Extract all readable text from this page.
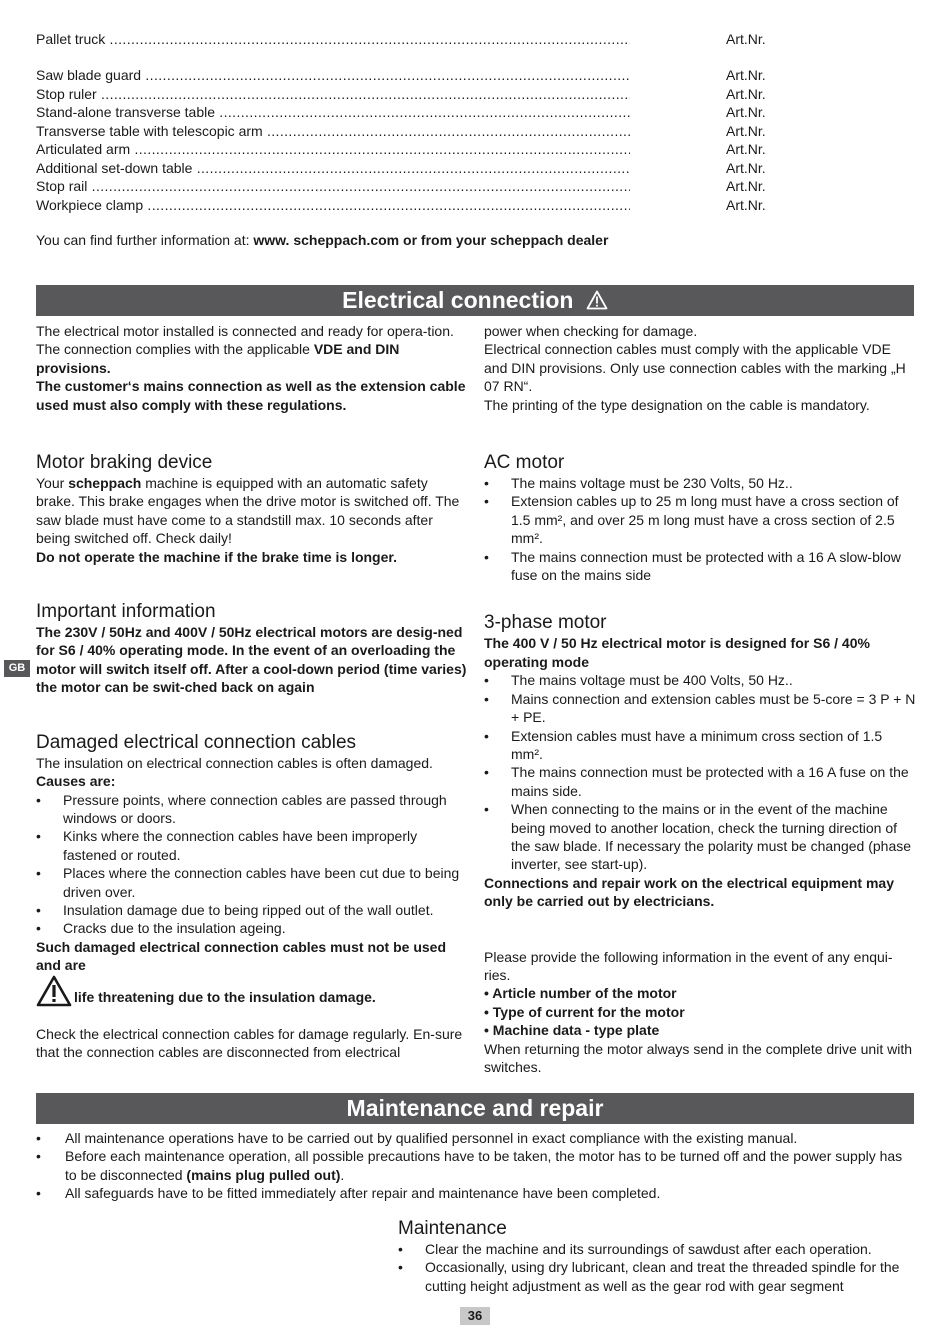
Pallet truck .....	Art.Nr.
Saw blade guard .....	Art.Nr.
Stop ruler .....	Art.Nr.
Stand-alone transverse table .....	Art.Nr.
Transverse table with telescopic arm .....	Art.Nr.
Articulated arm .....	Art.Nr.
Additional set-down table .....	Art.Nr.
Stop rail .....	Art.Nr.
Workpiece clamp .....	Art.Nr.
You can find further information at: www. scheppach.com or from your scheppach dealer
Electrical connection
GB

The electrical motor installed is connected and ready for opera-tion. The connection complies with the applicable VDE and DIN provisions.

The customer‘s mains connection as well as the extension cable used must also comply with these regulations.

Motor braking device

Your scheppach machine is equipped with an automatic safety brake. This brake engages when the drive motor is switched off. The saw blade must have come to a standstill max. 10 seconds after being switched off. Check daily!

Do not operate the machine if the brake time is longer.

Important information

The 230V / 50Hz and 400V / 50Hz electrical motors are desig-ned for S6 / 40% operating mode. In the event of an overloading the motor will switch itself off. After a cool-down period (time varies) the motor can be swit-ched back on again

Damaged electrical connection cables

The insulation on electrical connection cables is often damaged.

Causes are:

• Pressure points, where connection cables are passed through windows or doors.
• Kinks where the connection cables have been improperly fastened or routed.
• Places where the connection cables have been cut due to being driven over.
• Insulation damage due to being ripped out of the wall outlet.
• Cracks due to the insulation ageing.

Such damaged electrical connection cables must not be used and are

life threatening due to the insulation damage.

Check the electrical connection cables for damage regularly. En-sure that the connection cables are disconnected from electrical

power when checking for damage.

Electrical connection cables must comply with the applicable VDE and DIN provisions. Only use connection cables with the marking „H 07 RN“.

The printing of the type designation on the cable is mandatory.

AC motor
• The mains voltage must be 230 Volts, 50 Hz..
• Extension cables up to 25 m long must have a cross section of 1.5 mm², and over 25 m long must have a cross section of 2.5 mm².
• The mains connection must be protected with a 16 A slow-blow fuse on the mains side
3-phase motor

The 400 V / 50 Hz electrical motor is designed for S6 / 40% operating mode

• The mains voltage must be 400 Volts, 50 Hz..
• Mains connection and extension cables must be 5-core = 3 P + N + PE.
• Extension cables must have a minimum cross section of 1.5 mm².
• The mains connection must be protected with a 16 A fuse on the mains side.
• When connecting to the mains or in the event of the machine being moved to another location, check the turning direction of the saw blade. If necessary the polarity must be changed (phase inverter, see start-up).

Connections and repair work on the electrical equipment may only be carried out by electricians.

Please provide the following information in the event of any enqui-ries.

• Article number of the motor

• Type of current for the motor

• Machine data - type plate

When returning the motor always send in the complete drive unit with switches.

Maintenance and repair
• All maintenance operations have to be carried out by qualified personnel in exact compliance with the existing manual.
• Before each maintenance operation, all possible precautions have to be taken, the motor has to be turned off and the power supply has to be disconnected (mains plug pulled out).
• All safeguards have to be fitted immediately after repair and maintenance have been completed.
Maintenance
• Clear the machine and its surroundings of sawdust after each operation.
• Occasionally, using dry lubricant, clean and treat the threaded spindle for the cutting height adjustment as well as the gear rod with gear segment
36
